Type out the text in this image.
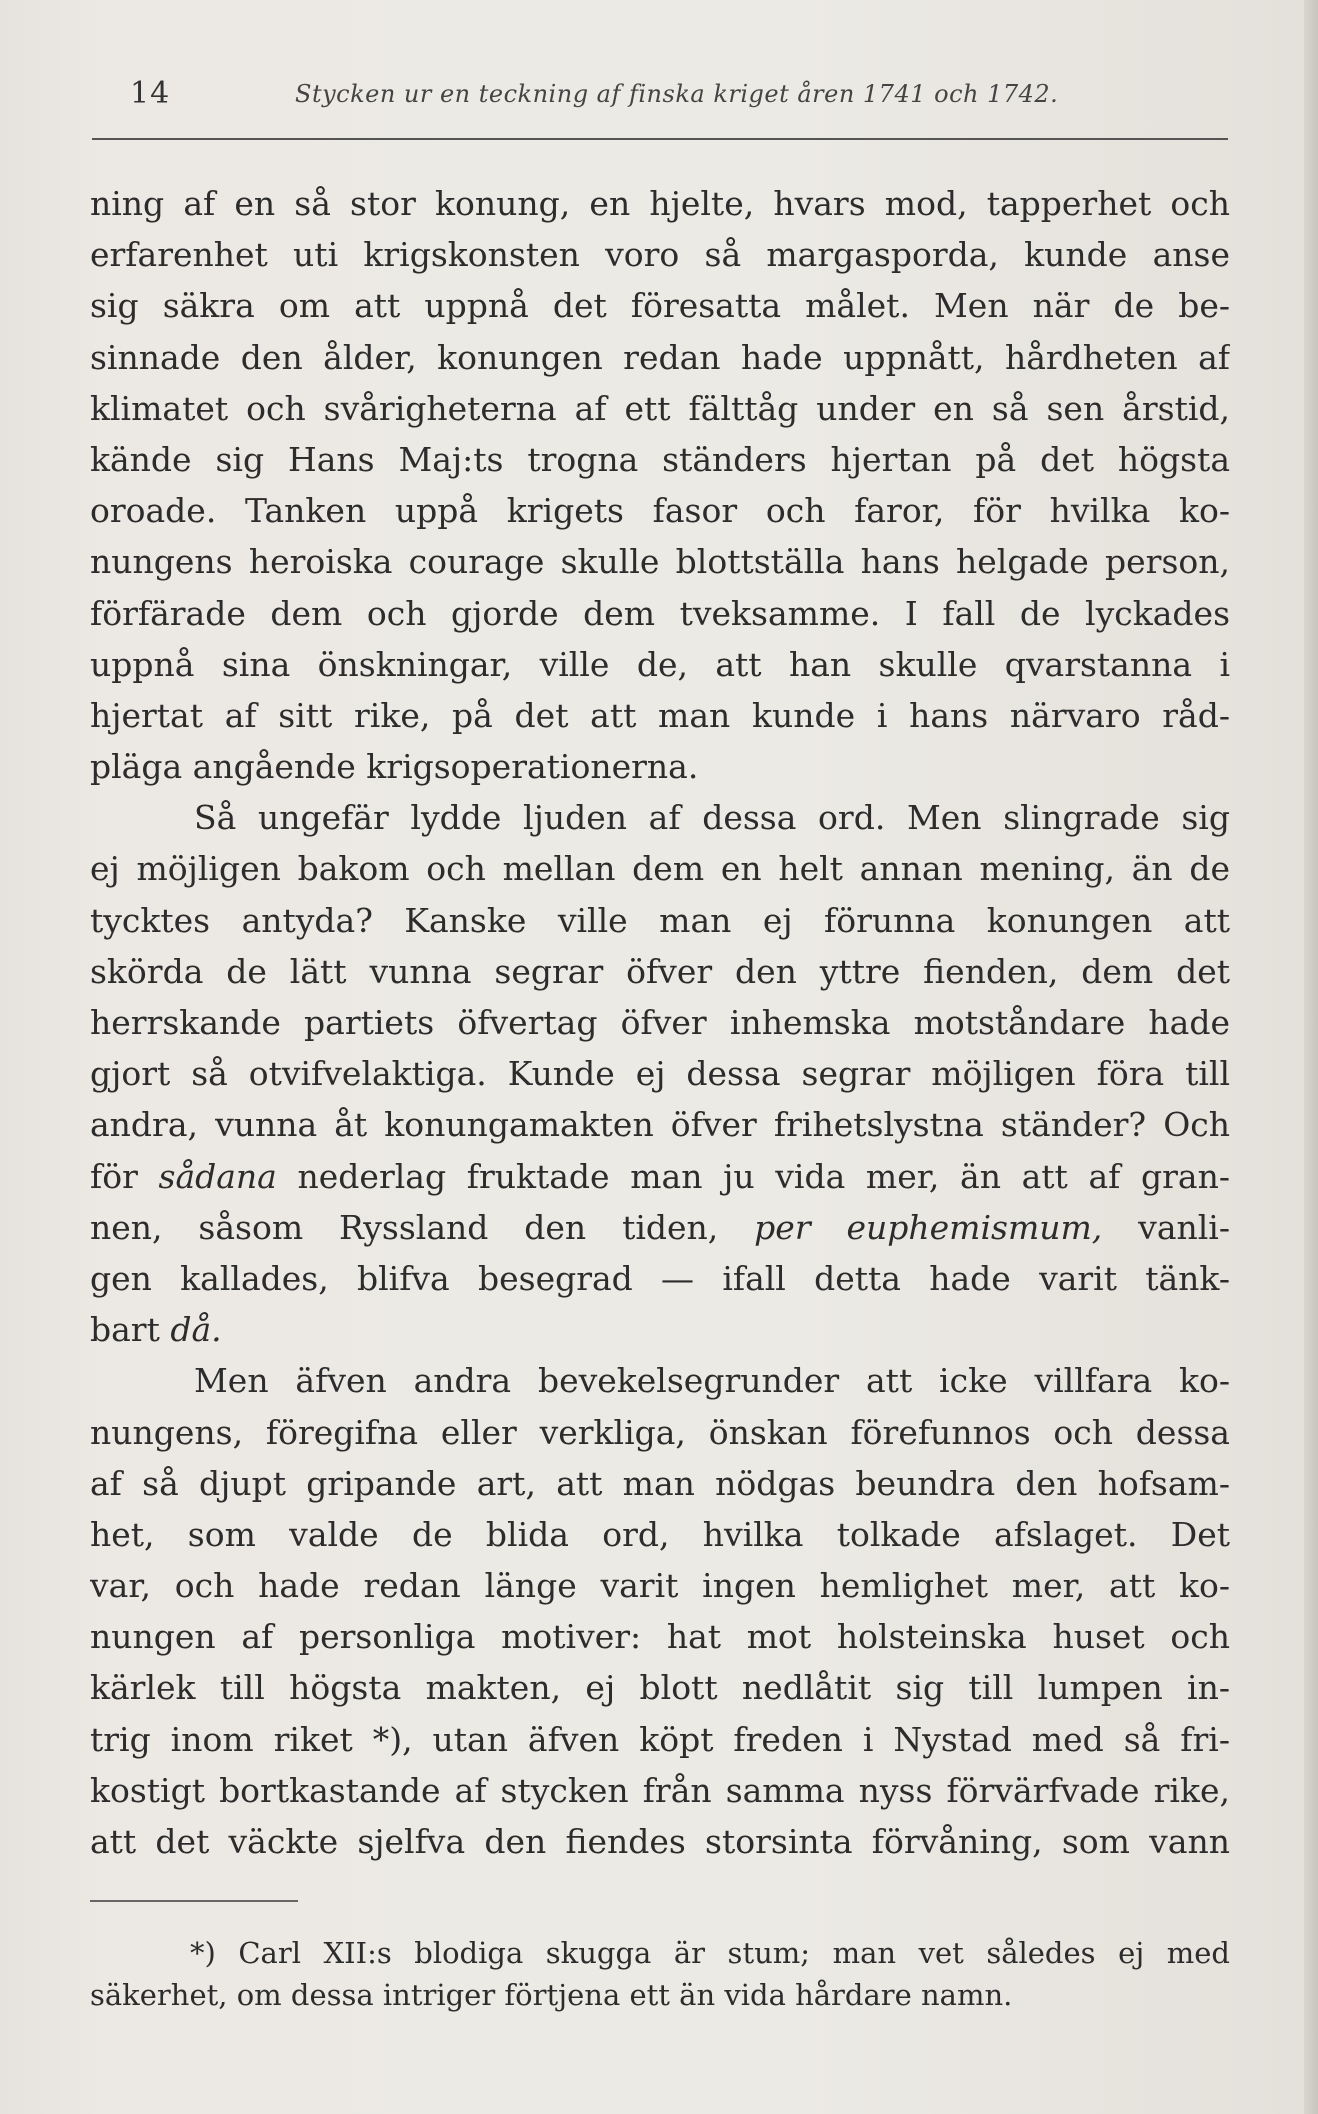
14	Stycken ur en teckning af finska kriget åren 1741 och 1742.
ning af en så stor konung, en hjelte, hvars mod, tapperhet och
erfarenhet uti krigskonsten voro så margasporda, kunde anse
sig säkra om att uppnå det föresatta målet. Men när de be-
sinnade den ålder, konungen redan hade uppnått, hårdheten af
klimatet och svårigheterna af ett fälttåg under en så sen årstid,
kände sig Hans Maj:ts trogna ständers hjertan på det högsta
oroade. Tanken uppå krigets fasor och faror, för hvilka ko-
nungens heroiska courage skulle blottställa hans helgade person,
förfärade dem och gjorde dem tveksamme. I fall de lyckades
uppnå sina önskningar, ville de, att han skulle qvarstanna i
hjertat af sitt rike, på det att man kunde i hans närvaro råd-
pläga angående krigsoperationerna.
Så ungefär lydde ljuden af dessa ord. Men slingrade sig
ej möjligen bakom och mellan dem en helt annan mening, än de
tycktes antyda? Kanske ville man ej förunna konungen att
skörda de lätt vunna segrar öfver den yttre fienden, dem det
herrskande partiets öfvertag öfver inhemska motståndare hade
gjort så otvifvelaktiga. Kunde ej dessa segrar möjligen föra till
andra, vunna åt konungamakten öfver frihetslystna ständer? Och
för sådana nederlag fruktade man ju vida mer, än att af gran-
nen, såsom Ryssland den tiden, per euphemismum, vanli-
gen kallades, blifva besegrad — ifall detta hade varit tänk-
bart då.
Men äfven andra bevekelsegrunder att icke villfara ko-
nungens, föregifna eller verkliga, önskan förefunnos och dessa
af så djupt gripande art, att man nödgas beundra den hofsam-
het, som valde de blida ord, hvilka tolkade afslaget. Det
var, och hade redan länge varit ingen hemlighet mer, att ko-
nungen af personliga motiver: hat mot holsteinska huset och
kärlek till högsta makten, ej blott nedlåtit sig till lumpen in-
trig inom riket *), utan äfven köpt freden i Nystad med så fri-
kostigt bortkastande af stycken från samma nyss förvärfvade rike,
att det väckte sjelfva den fiendes storsinta förvåning, som vann
*) Carl XII:s blodiga skugga är stum; man vet således ej med
säkerhet, om dessa intriger förtjena ett än vida hårdare namn.
